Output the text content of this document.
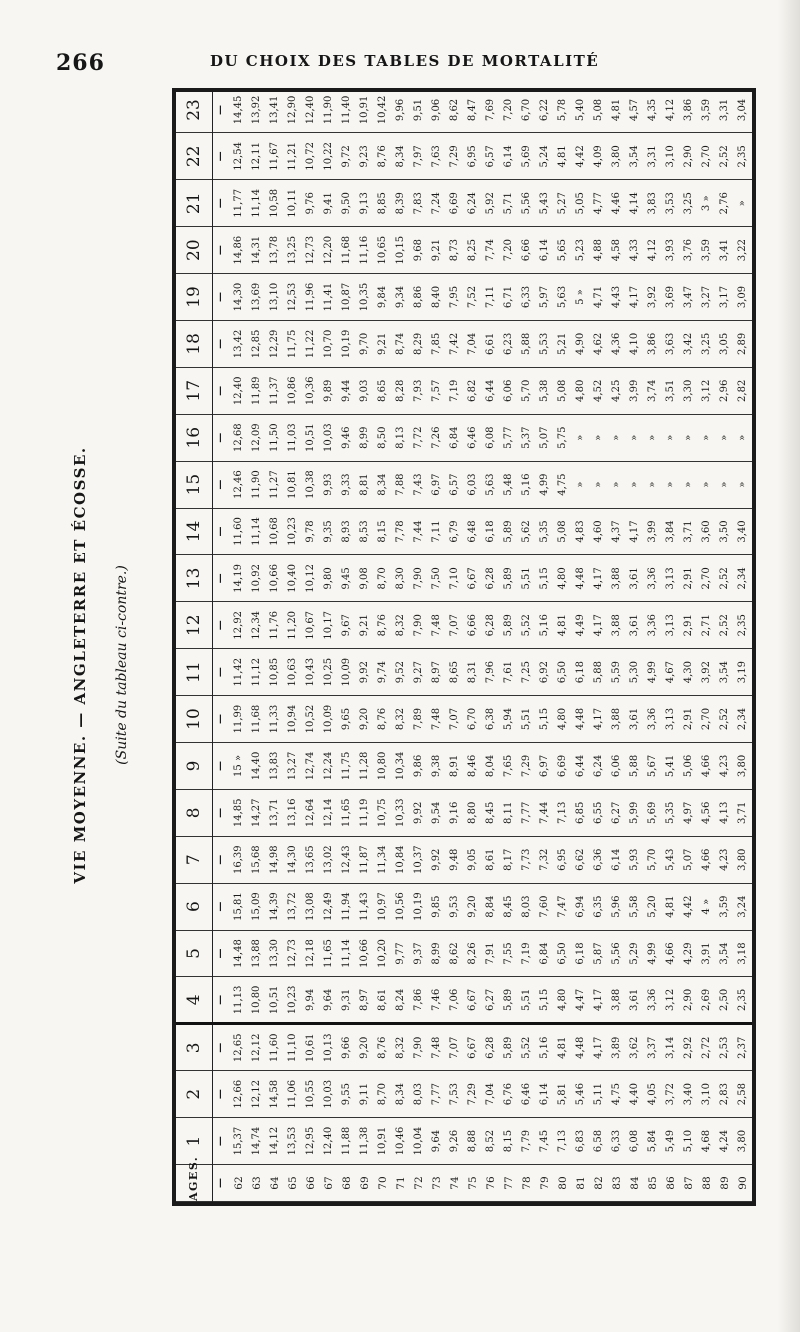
266	DU CHOIX DES TABLES DE MORTALITÉ
VIE MOYENNE. — ANGLETERRE ET ÉCOSSE. (Suite du tableau ci-contre.)
AGES.	1	2	3	4	5	6	7	8	9	10	11	12	13	14	15	16	17	18	19	20	21	22	23	
—	—	—	—	—	—	—	—	—	—	—	—	—	—	—	—	—	—	—	—	—	—	—	—	
62	15,37	12,66	12,65	11,13	14,48	15,81	16,39	14,85	15 »	11,99	11,42	12,92	14,19	11,60	12,46	12,68	12,40	13,42	14,30	14,86	11,77	12,54	14,45	
63	14,74	12,12	12,12	10,80	13,88	15,09	15,68	14,27	14,40	11,68	11,12	12,34	10,92	11,14	11,90	12,09	11,89	12,85	13,69	14,31	11,14	12,11	13,92	
64	14,12	14,58	11,60	10,51	13,30	14,39	14,98	13,71	13,83	11,33	10,85	11,76	10,66	10,68	11,27	11,50	11,37	12,29	13,10	13,78	10,58	11,67	13,41	
65	13,53	11,06	11,10	10,23	12,73	13,72	14,30	13,16	13,27	10,94	10,63	11,20	10,40	10,23	10,81	11,03	10,86	11,75	12,53	13,25	10,11	11,21	12,90	
66	12,95	10,55	10,61	9,94	12,18	13,08	13,65	12,64	12,74	10,52	10,43	10,67	10,12	9,78	10,38	10,51	10,36	11,22	11,96	12,73	9,76	10,72	12,40	
67	12,40	10,03	10,13	9,64	11,65	12,49	13,02	12,14	12,24	10,09	10,25	10,17	9,80	9,35	9,93	10,03	9,89	10,70	11,41	12,20	9,41	10,22	11,90	
68	11,88	9,55	9,66	9,31	11,14	11,94	12,43	11,65	11,75	9,65	10,09	9,67	9,45	8,93	9,33	9,46	9,44	10,19	10,87	11,68	9,50	9,72	11,40	
69	11,38	9,11	9,20	8,97	10,66	11,43	11,87	11,19	11,28	9,20	9,92	9,21	9,08	8,53	8,81	8,99	9,03	9,70	10,35	11,16	9,13	9,23	10,91	
70	10,91	8,70	8,76	8,61	10,20	10,97	11,34	10,75	10,80	8,76	9,74	8,76	8,70	8,15	8,34	8,50	8,65	9,21	9,84	10,65	8,85	8,76	10,42	
71	10,46	8,34	8,32	8,24	9,77	10,56	10,84	10,33	10,34	8,32	9,52	8,32	8,30	7,78	7,88	8,13	8,28	8,74	9,34	10,15	8,39	8,34	9,96	
72	10,04	8,03	7,90	7,86	9,37	10,19	10,37	9,92	9,86	7,89	9,27	7,90	7,90	7,44	7,43	7,72	7,93	8,29	8,86	9,68	7,83	7,97	9,51	
73	9,64	7,77	7,48	7,46	8,99	9,85	9,92	9,54	9,38	7,48	8,97	7,48	7,50	7,11	6,97	7,26	7,57	7,85	8,40	9,21	7,24	7,63	9,06	
74	9,26	7,53	7,07	7,06	8,62	9,53	9,48	9,16	8,91	7,07	8,65	7,07	7,10	6,79	6,57	6,84	7,19	7,42	7,95	8,73	6,69	7,29	8,62	
75	8,88	7,29	6,67	6,67	8,26	9,20	9,05	8,80	8,46	6,70	8,31	6,66	6,67	6,48	6,03	6,46	6,82	7,04	7,52	8,25	6,24	6,95	8,47	
76	8,52	7,04	6,28	6,27	7,91	8,84	8,61	8,45	8,04	6,38	7,96	6,28	6,28	6,18	5,63	6,08	6,44	6,61	7,11	7,74	5,92	6,57	7,69	
77	8,15	6,76	5,89	5,89	7,55	8,45	8,17	8,11	7,65	5,94	7,61	5,89	5,89	5,89	5,48	5,77	6,06	6,23	6,71	7,20	5,71	6,14	7,20	
78	7,79	6,46	5,52	5,51	7,19	8,03	7,73	7,77	7,29	5,51	7,25	5,52	5,51	5,62	5,16	5,37	5,70	5,88	6,33	6,66	5,56	5,69	6,70	
79	7,45	6,14	5,16	5,15	6,84	7,60	7,32	7,44	6,97	5,15	6,92	5,16	5,15	5,35	4,99	5,07	5,38	5,53	5,97	6,14	5,43	5,24	6,22	
80	7,13	5,81	4,81	4,80	6,50	7,47	6,95	7,13	6,69	4,80	6,50	4,81	4,80	5,08	4,75	5,75	5,08	5,21	5,63	5,65	5,27	4,81	5,78	
81	6,83	5,46	4,48	4,47	6,18	6,94	6,62	6,85	6,44	4,48	6,18	4,49	4,48	4,83	»	»	4,80	4,90	5 »	5,23	5,05	4,42	5,40	
82	6,58	5,11	4,17	4,17	5,87	6,35	6,36	6,55	6,24	4,17	5,88	4,17	4,17	4,60	»	»	4,52	4,62	4,71	4,88	4,77	4,09	5,08	
83	6,33	4,75	3,89	3,88	5,56	5,96	6,14	6,27	6,06	3,88	5,59	3,88	3,88	4,37	»	»	4,25	4,36	4,43	4,58	4,46	3,80	4,81	
84	6,08	4,40	3,62	3,61	5,29	5,58	5,93	5,99	5,88	3,61	5,30	3,61	3,61	4,17	»	»	3,99	4,10	4,17	4,33	4,14	3,54	4,57	
85	5,84	4,05	3,37	3,36	4,99	5,20	5,70	5,69	5,67	3,36	4,99	3,36	3,36	3,99	»	»	3,74	3,86	3,92	4,12	3,83	3,31	4,35	
86	5,49	3,72	3,14	3,12	4,66	4,81	5,43	5,35	5,41	3,13	4,67	3,13	3,13	3,84	»	»	3,51	3,63	3,69	3,93	3,53	3,10	4,12	
87	5,10	3,40	2,92	2,90	4,29	4,42	5,07	4,97	5,06	2,91	4,30	2,91	2,91	3,71	»	»	3,30	3,42	3,47	3,76	3,25	2,90	3,86	
88	4,68	3,10	2,72	2,69	3,91	4 »	4,66	4,56	4,66	2,70	3,92	2,71	2,70	3,60	»	»	3,12	3,25	3,27	3,59	3 »	2,70	3,59	
89	4,24	2,83	2,53	2,50	3,54	3,59	4,23	4,13	4,23	2,52	3,54	2,52	2,52	3,50	»	»	2,96	3,05	3,17	3,41	2,76	2,52	3,31	
90	3,80	2,58	2,37	2,35	3,18	3,24	3,80	3,71	3,80	2,34	3,19	2,35	2,34	3,40	»	»	2,82	2,89	3,09	3,22	»	2,35	3,04	
